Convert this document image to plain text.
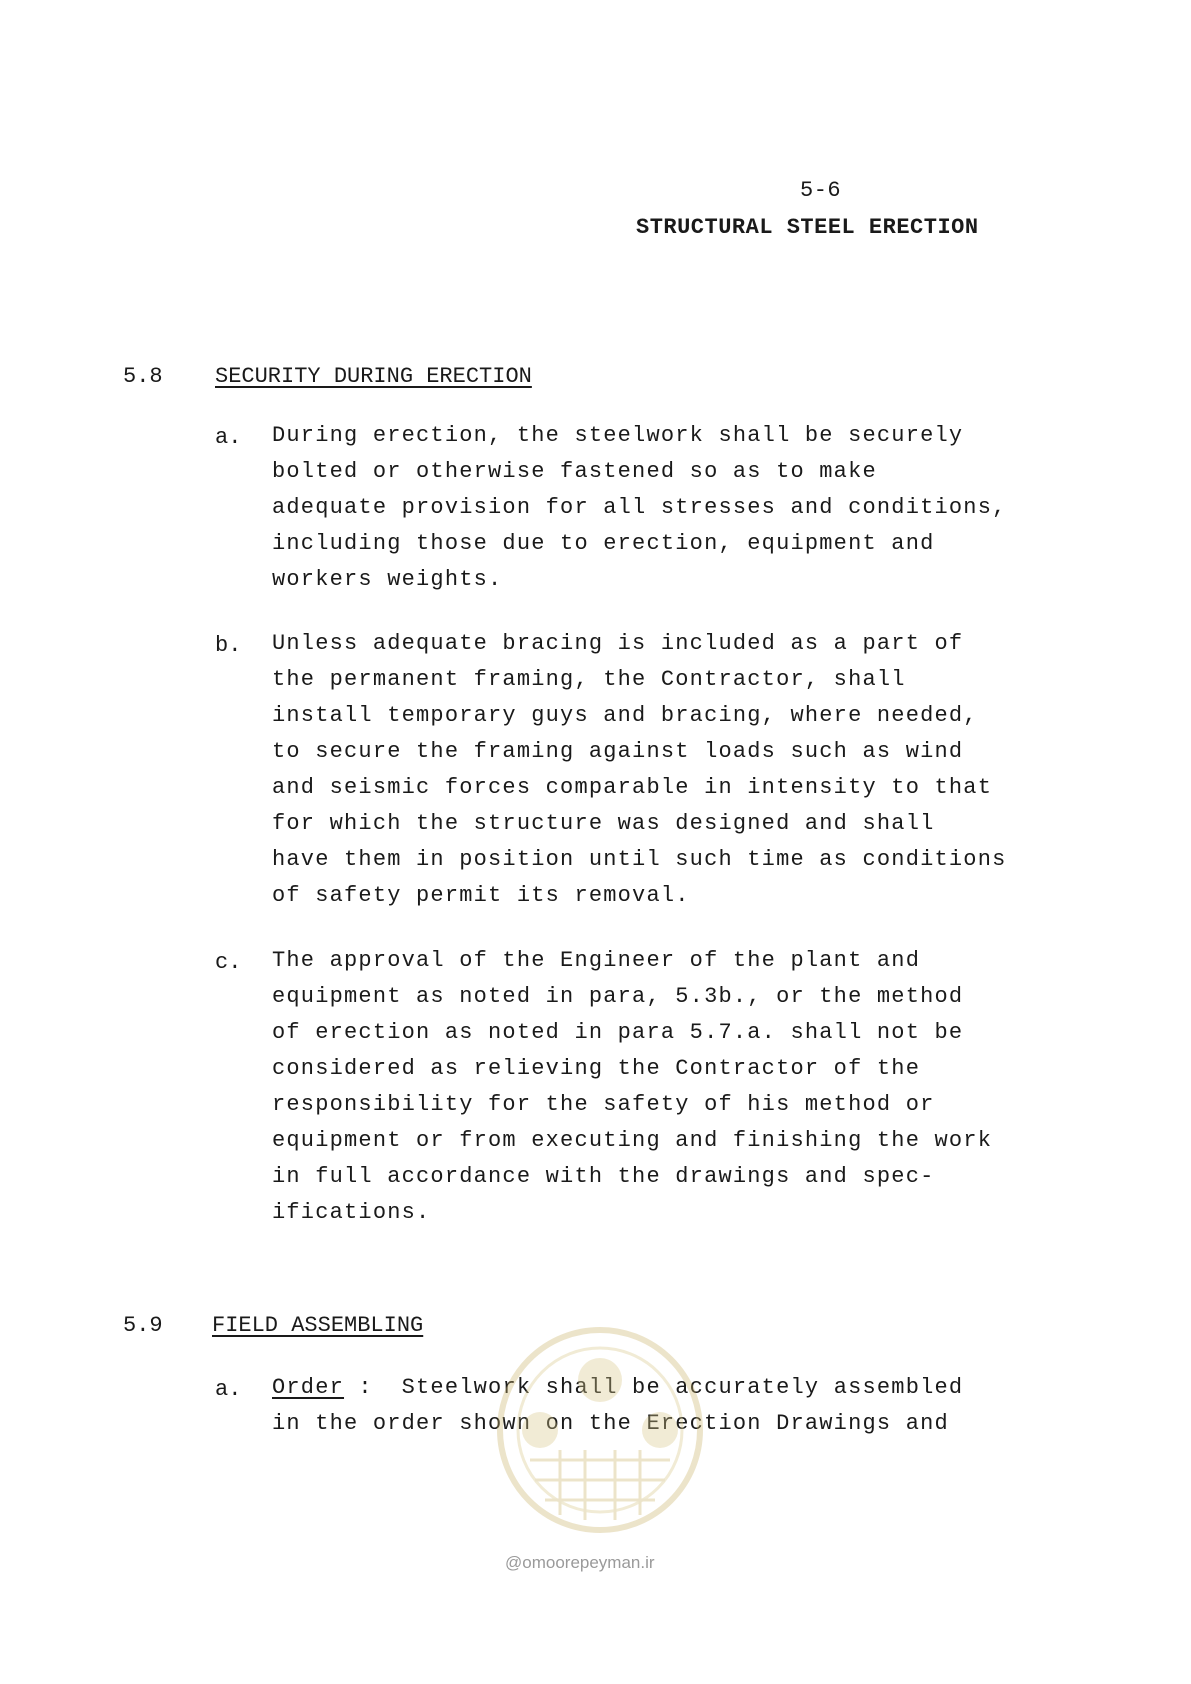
5-6
STRUCTURAL STEEL ERECTION
5.8 SECURITY DURING ERECTION
a. During erection, the steelwork shall be securely
bolted or otherwise fastened so as to make
adequate provision for all stresses and conditions,
including those due to erection, equipment and
workers weights.
b. Unless adequate bracing is included as a part of
the permanent framing, the Contractor, shall
install temporary guys and bracing, where needed,
to secure the framing against loads such as wind
and seismic forces comparable in intensity to that
for which the structure was designed and shall
have them in position until such time as conditions
of safety permit its removal.
c. The approval of the Engineer of the plant and
equipment as noted in para, 5.3b., or the method
of erection as noted in para 5.7.a. shall not be
considered as relieving the Contractor of the
responsibility for the safety of his method or
equipment or from executing and finishing the work
in full accordance with the drawings and spec-
ifications.
5.9 FIELD ASSEMBLING
a. Order :  Steelwork shall be accurately assembled
in the order shown on the Erection Drawings and
@omoorepeyman.ir
